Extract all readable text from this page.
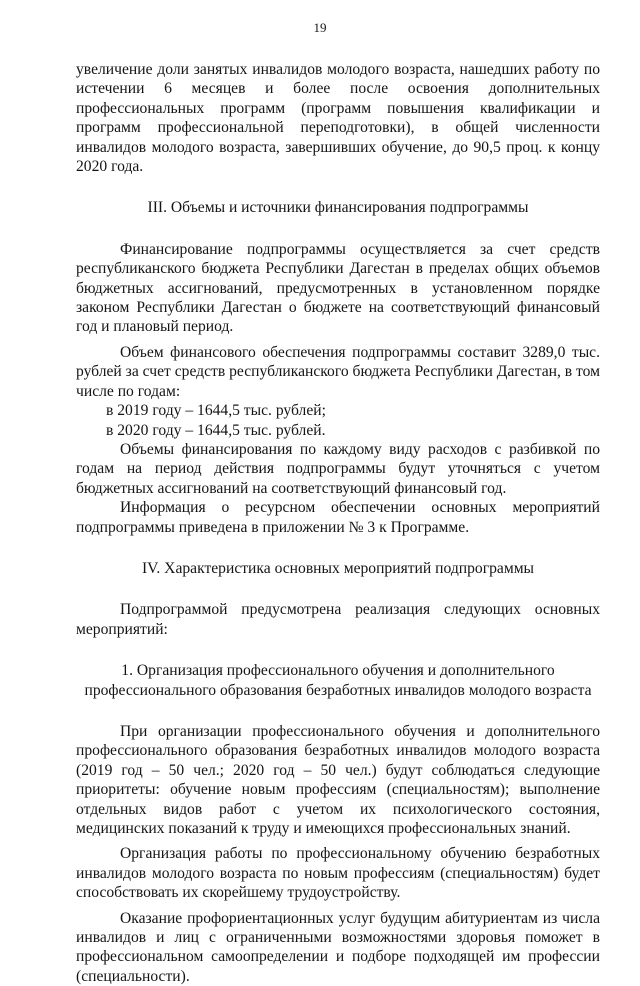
19

увеличение доли занятых инвалидов молодого возраста, нашедших работу по истечении 6 месяцев и более после освоения дополнительных профессиональных программ (программ повышения квалификации и программ профессиональной переподготовки), в общей численности инвалидов молодого возраста, завершивших обучение, до 90,5 проц. к концу 2020 года.

III. Объемы и источники финансирования подпрограммы

Финансирование подпрограммы осуществляется за счет средств республиканского бюджета Республики Дагестан в пределах общих объемов бюджетных ассигнований, предусмотренных в установленном порядке законом Республики Дагестан о бюджете на соответствующий финансовый год и плановый период.

Объем финансового обеспечения подпрограммы составит 3289,0 тыс. рублей за счет средств республиканского бюджета Республики Дагестан, в том числе по годам:

в 2019 году – 1644,5 тыс. рублей;

в 2020 году – 1644,5 тыс. рублей.

Объемы финансирования по каждому виду расходов с разбивкой по годам на период действия подпрограммы будут уточняться с учетом бюджетных ассигнований на соответствующий финансовый год.

Информация о ресурсном обеспечении основных мероприятий подпрограммы приведена в приложении № 3 к Программе.

IV. Характеристика основных мероприятий подпрограммы

Подпрограммой предусмотрена реализация следующих основных мероприятий:

1. Организация профессионального обучения и дополнительного
профессионального образования безработных инвалидов молодого возраста

При организации профессионального обучения и дополнительного профессионального образования безработных инвалидов молодого возраста (2019 год – 50 чел.; 2020 год – 50 чел.) будут соблюдаться следующие приоритеты: обучение новым профессиям (специальностям); выполнение отдельных видов работ с учетом их психологического состояния, медицинских показаний к труду и имеющихся профессиональных знаний.

Организация работы по профессиональному обучению безработных инвалидов молодого возраста по новым профессиям (специальностям) будет способствовать их скорейшему трудоустройству.

Оказание профориентационных услуг будущим абитуриентам из числа инвалидов и лиц с ограниченными возможностями здоровья поможет в профессиональном самоопределении и подборе подходящей им профессии (специальности).
